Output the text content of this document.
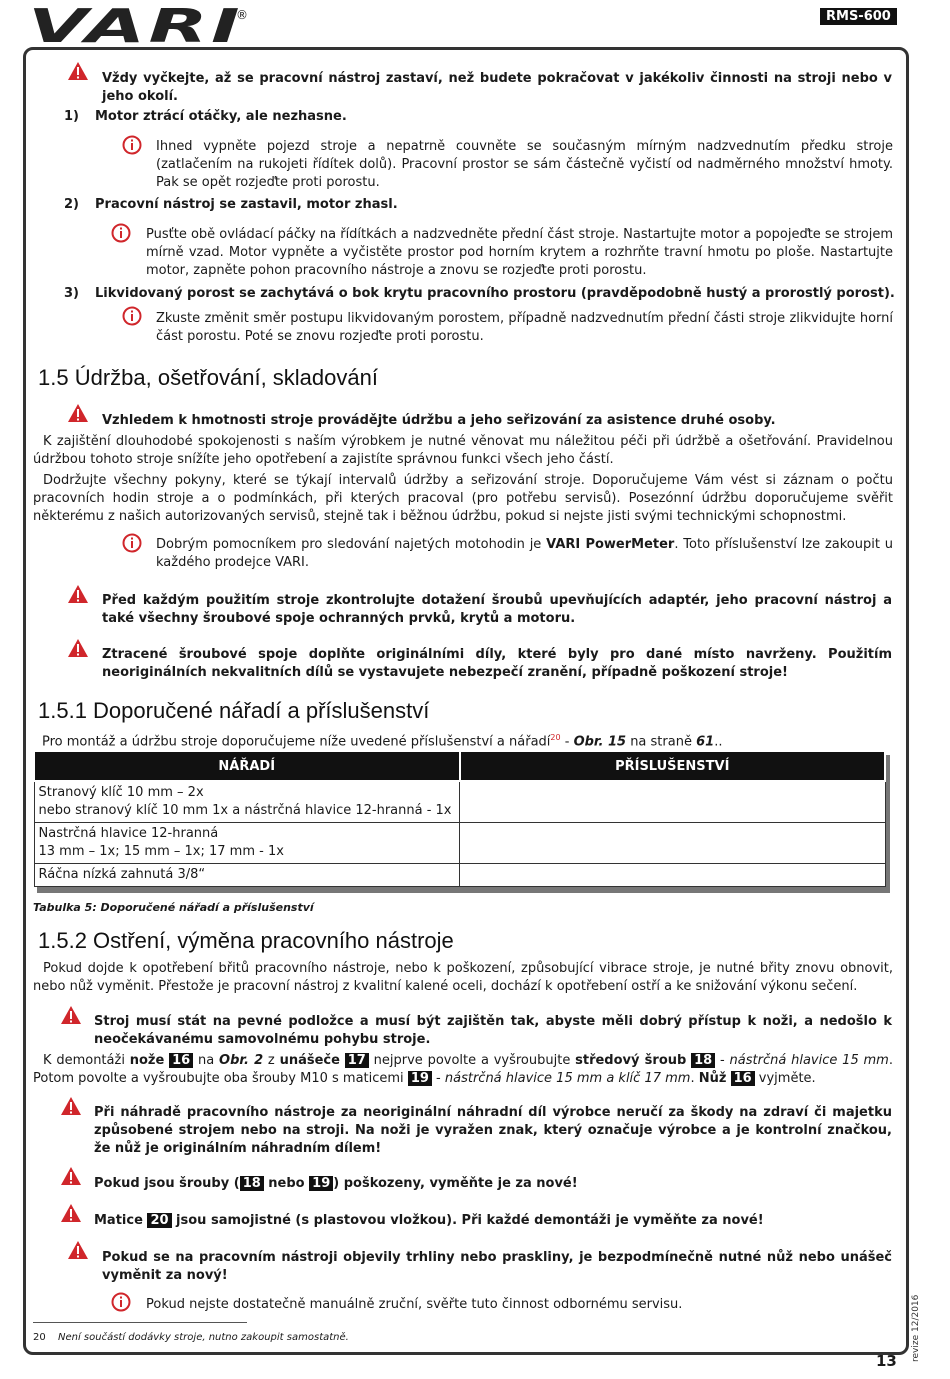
VARI
®	RMS-600
Vždy vyčkejte, až se pracovní nástroj zastaví, než budete pokračovat v jakékoliv činnosti na stroji nebo v jeho okolí.
1) Motor ztrácí otáčky, ale nezhasne.
Ihned vypněte pojezd stroje a nepatrně couvněte se současným mírným nadzvednutím předku stroje (zatlačením na rukojeti řídítek dolů). Pracovní prostor se sám částečně vyčistí od nadměrného množství hmoty. Pak se opět rozjeďte proti porostu.
2) Pracovní nástroj se zastavil, motor zhasl.
Pusťte obě ovládací páčky na řídítkách a nadzvedněte přední část stroje. Nastartujte motor a popojeďte se strojem mírně vzad. Motor vypněte a vyčistěte prostor pod horním krytem a rozhrňte travní hmotu po ploše. Nastartujte motor, zapněte pohon pracovního nástroje a znovu se rozjeďte proti porostu.
3) Likvidovaný porost se zachytává o bok krytu pracovního prostoru (pravděpodobně hustý a prorostlý porost).
Zkuste změnit směr postupu likvidovaným porostem, případně nadzvednutím přední části stroje zlikvidujte horní část porostu. Poté se znovu rozjeďte proti porostu.
1.5 Údržba, ošetřování, skladování
Vzhledem k hmotnosti stroje provádějte údržbu a jeho seřizování za asistence druhé osoby.
K zajištění dlouhodobé spokojenosti s naším výrobkem je nutné věnovat mu náležitou péči při údržbě a ošetřování. Pravidelnou údržbou tohoto stroje snížíte jeho opotřebení a zajistíte správnou funkci všech jeho částí.
Dodržujte všechny pokyny, které se týkají intervalů údržby a seřizování stroje. Doporučujeme Vám vést si záznam o počtu pracovních hodin stroje a o podmínkách, při kterých pracoval (pro potřebu servisů). Posezónní údržbu doporučujeme svěřit některému z našich autorizovaných servisů, stejně tak i běžnou údržbu, pokud si nejste jisti svými technickými schopnostmi.
Dobrým pomocníkem pro sledování najetých motohodin je VARI PowerMeter. Toto příslušenství lze zakoupit u každého prodejce VARI.
Před každým použitím stroje zkontrolujte dotažení šroubů upevňujících adaptér, jeho pracovní nástroj a také všechny šroubové spoje ochranných prvků, krytů a motoru.
Ztracené šroubové spoje doplňte originálními díly, které byly pro dané místo navrženy. Použitím neoriginálních nekvalitních dílů se vystavujete nebezpečí zranění, případně poškození stroje!
1.5.1 Doporučené nářadí a příslušenství
Pro montáž a údržbu stroje doporučujeme níže uvedené příslušenství a nářadí$^{20}$ - Obr. 15 na straně 61..
NÁŘADÍ	PŘÍSLUŠENSTVÍ

Stranový klíč 10 mm – 2x
nebo stranový klíč 10 mm 1x a nástrčná hlavice 12-hranná - 1x	

Nastrčná hlavice 12-hranná
13 mm – 1x; 15 mm – 1x; 17 mm - 1x	

Ráčna nízká zahnutá 3/8“	

Tabulka 5: Doporučené nářadí a příslušenství
1.5.2 Ostření, výměna pracovního nástroje
Pokud dojde k opotřebení břitů pracovního nástroje, nebo k poškození, způsobující vibrace stroje, je nutné břity znovu obnovit, nebo nůž vyměnit. Přestože je pracovní nástroj z kvalitní kalené oceli, dochází k opotřebení ostří a ke snižování výkonu sečení.
Stroj musí stát na pevné podložce a musí být zajištěn tak, abyste měli dobrý přístup k noži, a nedošlo k neočekávanému samovolnému pohybu stroje.
K demontáži nože 16 na Obr. 2 z unášeče 17 nejprve povolte a vyšroubujte středový šroub 18 - nástrčná hlavice 15 mm. Potom povolte a vyšroubujte oba šrouby M10 s maticemi 19 - nástrčná hlavice 15 mm a klíč 17 mm. Nůž 16 vyjměte.
Při náhradě pracovního nástroje za neoriginální náhradní díl výrobce neručí za škody na zdraví či majetku způsobené strojem nebo na stroji. Na noži je vyražen znak, který označuje výrobce a je kontrolní značkou, že nůž je originálním náhradním dílem!
Pokud jsou šrouby ( 18 nebo 19 ) poškozeny, vyměňte je za nové!
Matice 20 jsou samojistné (s plastovou vložkou). Při každé demontáži je vyměňte za nové!
Pokud se na pracovním nástroji objevily trhliny nebo praskliny, je bezpodmínečně nutné nůž nebo unášeč vyměnit za nový!
Pokud nejste dostatečně manuálně zruční, svěřte tuto činnost odbornému servisu.
20 Není součástí dodávky stroje, nutno zakoupit samostatně.	revize 12/2016
13
